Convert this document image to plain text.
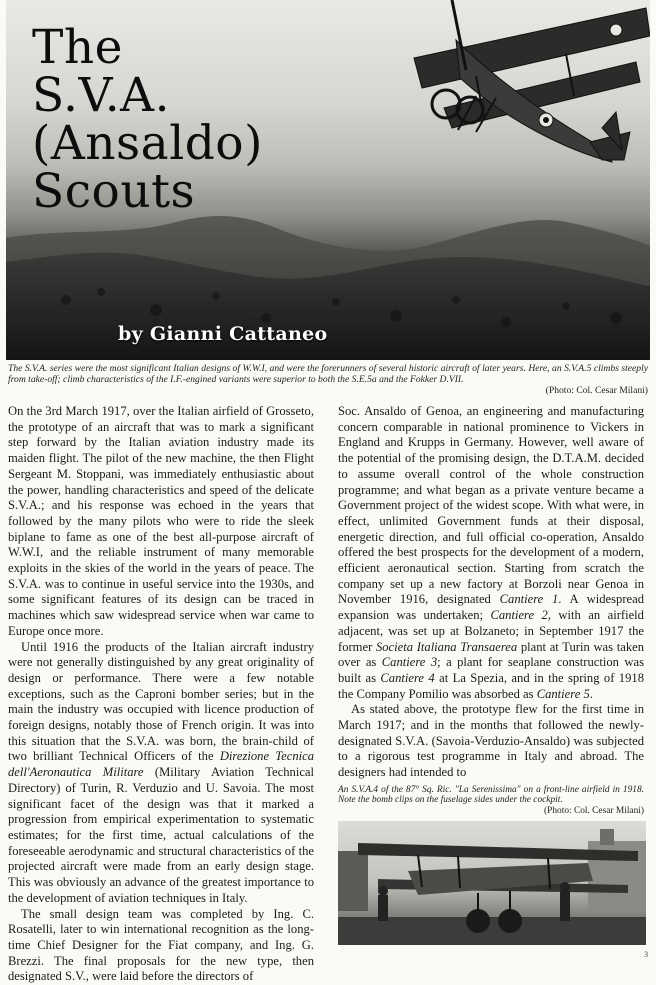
The
S.V.A.
(Ansaldo)
Scouts
by Gianni Cattaneo
The S.V.A. series were the most significant Italian designs of W.W.I, and were the forerunners of several historic aircraft of later years. Here, an S.V.A.5 climbs steeply from take-off; climb characteristics of the I.F.-engined variants were superior to both the S.E.5a and the Fokker D.VII.
(Photo: Col. Cesar Milani)

On the 3rd March 1917, over the Italian airfield of Grosseto, the prototype of an aircraft that was to mark a significant step forward by the Italian aviation industry made its maiden flight. The pilot of the new machine, the then Flight Sergeant M. Stoppani, was immediately enthusiastic about the power, handling characteristics and speed of the delicate S.V.A.; and his response was echoed in the years that followed by the many pilots who were to ride the sleek biplane to fame as one of the best all-purpose aircraft of W.W.I, and the reliable instrument of many memorable exploits in the skies of the world in the years of peace. The S.V.A. was to continue in useful service into the 1930s, and some significant features of its design can be traced in machines which saw widespread service when war came to Europe once more.

Until 1916 the products of the Italian aircraft industry were not generally distinguished by any great originality of design or performance. There were a few notable exceptions, such as the Caproni bomber series; but in the main the industry was occupied with licence production of foreign designs, notably those of French origin. It was into this situation that the S.V.A. was born, the brain-child of two brilliant Technical Officers of the Direzione Tecnica dell'Aeronautica Militare (Military Aviation Technical Directory) of Turin, R. Verduzio and U. Savoia. The most significant facet of the design was that it marked a progression from empirical experimentation to systematic estimates; for the first time, actual calculations of the foreseeable aerodynamic and structural characteristics of the projected aircraft were made from an early design stage. This was obviously an advance of the greatest importance to the development of aviation techniques in Italy.

The small design team was completed by Ing. C. Rosatelli, later to win international recognition as the long-time Chief Designer for the Fiat company, and Ing. G. Brezzi. The final proposals for the new type, then designated S.V., were laid before the directors of

Soc. Ansaldo of Genoa, an engineering and manufacturing concern comparable in national prominence to Vickers in England and Krupps in Germany. However, well aware of the potential of the promising design, the D.T.A.M. decided to assume overall control of the whole construction programme; and what began as a private venture became a Government project of the widest scope. With what were, in effect, unlimited Government funds at their disposal, energetic direction, and full official co-operation, Ansaldo offered the best prospects for the development of a modern, efficient aeronautical section. Starting from scratch the company set up a new factory at Borzoli near Genoa in November 1916, designated Cantiere 1. A widespread expansion was undertaken; Cantiere 2, with an airfield adjacent, was set up at Bolzaneto; in September 1917 the former Societa Italiana Transaerea plant at Turin was taken over as Cantiere 3; a plant for seaplane construction was built as Cantiere 4 at La Spezia, and in the spring of 1918 the Company Pomilio was absorbed as Cantiere 5.

As stated above, the prototype flew for the first time in March 1917; and in the months that followed the newly-designated S.V.A. (Savoia-Verduzio-Ansaldo) was subjected to a rigorous test programme in Italy and abroad. The designers had intended to

An S.V.A.4 of the 87° Sq. Ric. "La Serenissima" on a front-line airfield in 1918. Note the bomb clips on the fuselage sides under the cockpit.
(Photo: Col. Cesar Milani)
3
